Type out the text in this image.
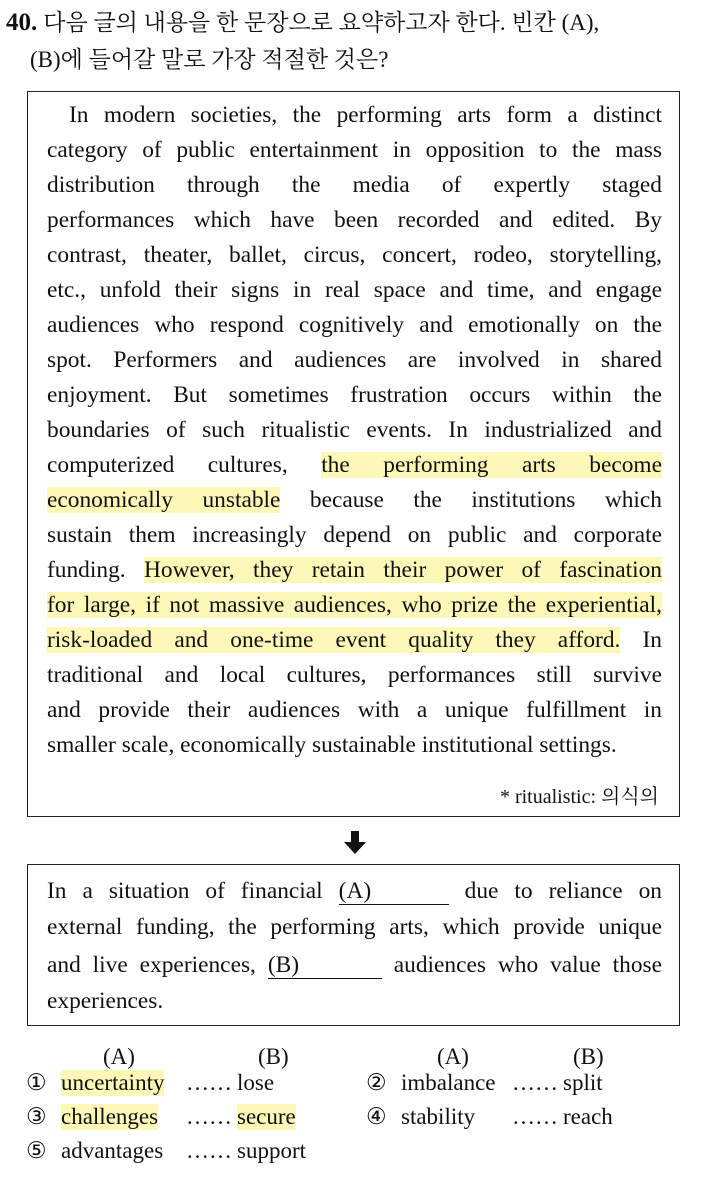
40. 다음 글의 내용을 한 문장으로 요약하고자 한다. 빈칸 (A),
(B)에 들어갈 말로 가장 적절한 것은?
In modern societies, the performing arts form a distinct
category of public entertainment in opposition to the mass
distribution through the media of expertly staged
performances which have been recorded and edited. By
contrast, theater, ballet, circus, concert, rodeo, storytelling,
etc., unfold their signs in real space and time, and engage
audiences who respond cognitively and emotionally on the
spot. Performers and audiences are involved in shared
enjoyment. But sometimes frustration occurs within the
boundaries of such ritualistic events. In industrialized and
computerized cultures, the performing arts become
economically unstable because the institutions which
sustain them increasingly depend on public and corporate
funding. However, they retain their power of fascination
for large, if not massive audiences, who prize the experiential,
risk-loaded and one-time event quality they afford. In
traditional and local cultures, performances still survive
and provide their audiences with a unique fulfillment in
smaller scale, economically sustainable institutional settings.
* ritualistic: 의식의
In a situation of financial (A)	due to reliance on
external funding, the performing arts, which provide unique
and live experiences, (B)	audiences who value those
experiences.
(A)	(B)	(A)	(B)
① uncertainty …… lose	② imbalance …… split
③ challenges …… secure	④ stability …… reach
⑤ advantages …… support
